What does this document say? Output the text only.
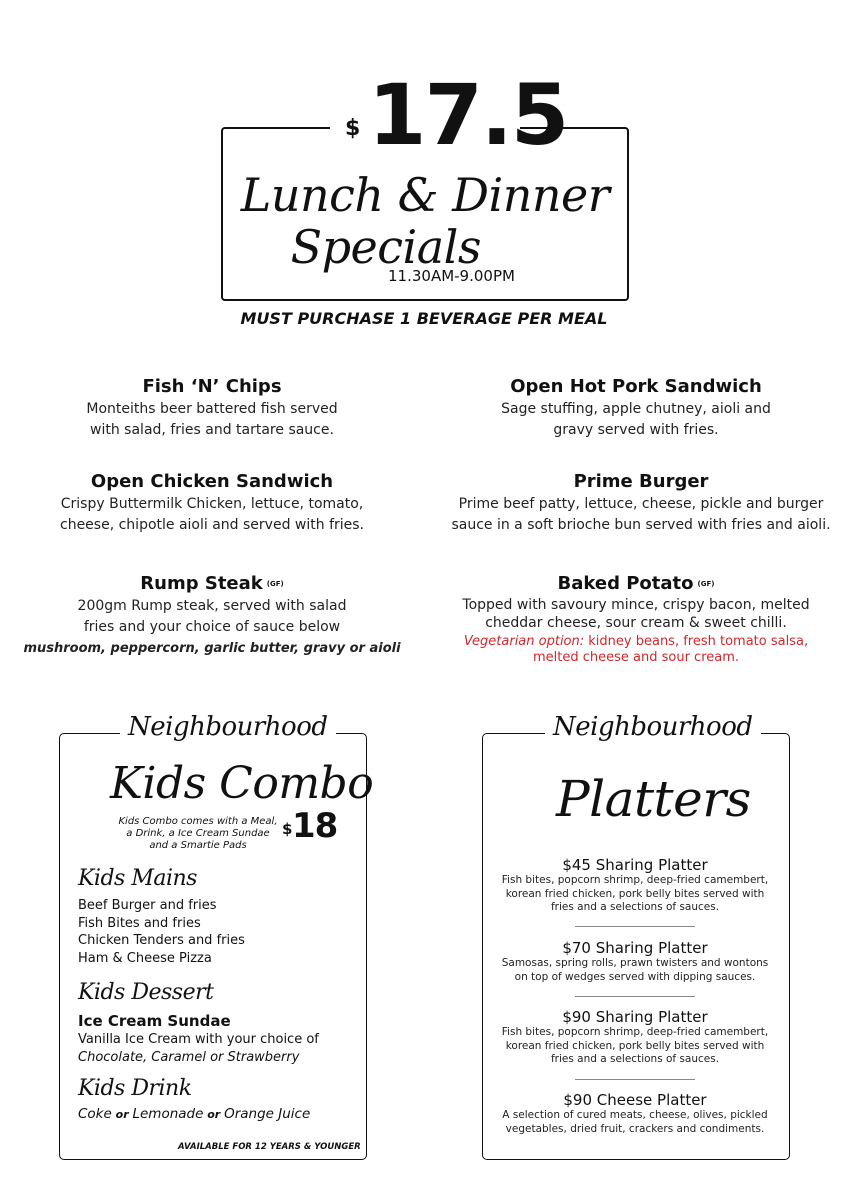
$ 17.5
Lunch & Dinner
Specials
11.30AM-9.00PM
MUST PURCHASE 1 BEVERAGE PER MEAL
Fish ‘N’ Chips
Monteiths beer battered fish served
with salad, fries and tartare sauce.
Open Hot Pork Sandwich
Sage stuffing, apple chutney, aioli and
gravy served with fries.
Open Chicken Sandwich
Crispy Buttermilk Chicken, lettuce, tomato,
cheese, chipotle aioli and served with fries.
Prime Burger
Prime beef patty, lettuce, cheese, pickle and burger
sauce in a soft brioche bun served with fries and aioli.
Rump Steak (GF)
200gm Rump steak, served with salad
fries and your choice of sauce below
mushroom, peppercorn, garlic butter, gravy or aioli
Baked Potato (GF)
Topped with savoury mince, crispy bacon, melted
cheddar cheese, sour cream & sweet chilli.
Vegetarian option: kidney beans, fresh tomato salsa,
melted cheese and sour cream.
Neighbourhood
Kids Combo
Kids Combo comes with a Meal,
a Drink, a Ice Cream Sundae
and a Smartie Pads
$ 18
Kids Mains
Beef Burger and fries
Fish Bites and fries
Chicken Tenders and fries
Ham & Cheese Pizza
Kids Dessert
Ice Cream Sundae
Vanilla Ice Cream with your choice of
Chocolate, Caramel or Strawberry
Kids Drink
Coke or Lemonade or Orange Juice
AVAILABLE FOR 12 YEARS & YOUNGER
Neighbourhood
Platters
$45 Sharing Platter
Fish bites, popcorn shrimp, deep-fried camembert,
korean fried chicken, pork belly bites served with
fries and a selections of sauces.
$70 Sharing Platter
Samosas, spring rolls, prawn twisters and wontons
on top of wedges served with dipping sauces.
$90 Sharing Platter
Fish bites, popcorn shrimp, deep-fried camembert,
korean fried chicken, pork belly bites served with
fries and a selections of sauces.
$90 Cheese Platter
A selection of cured meats, cheese, olives, pickled
vegetables, dried fruit, crackers and condiments.
